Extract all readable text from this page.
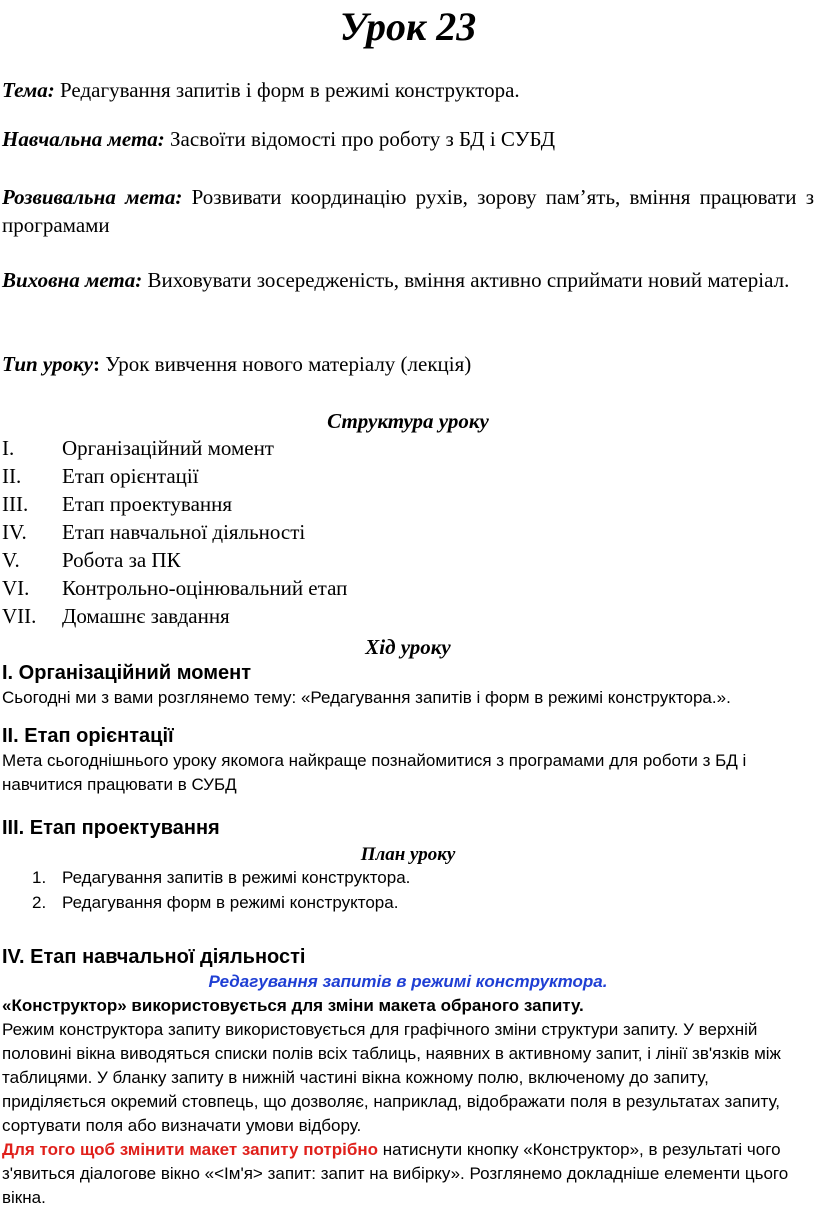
Урок 23
Тема: Редагування запитів і форм в режимі конструктора.
Навчальна мета: Засвоїти відомості про роботу з БД і СУБД
Розвивальна мета: Розвивати координацію рухів, зорову пам’ять, вміння працювати з програмами
Виховна мета: Виховувати зосередженість, вміння активно сприймати новий матеріал.
Тип уроку: Урок вивчення нового матеріалу (лекція)
Структура уроку
I. Організаційний момент
II. Етап орієнтації
III. Етап проектування
IV. Етап навчальної діяльності
V. Робота за ПК
VI. Контрольно-оцінювальний етап
VII. Домашнє завдання
Хід уроку
I. Організаційний момент
Сьогодні ми з вами розглянемо тему: «Редагування запитів і форм в режимі конструктора.».
II. Етап орієнтації
Мета сьогоднішнього уроку якомога найкраще познайомитися з програмами для роботи з БД і навчитися працювати в СУБД
III. Етап проектування
План уроку
1. Редагування запитів в режимі конструктора.
2. Редагування форм в режимі конструктора.
IV. Етап навчальної діяльності
Редагування запитів в режимі конструктора.
«Конструктор» використовується для зміни макета обраного запиту.
Режим конструктора запиту використовується для графічного зміни структури запиту. У верхній половині вікна виводяться списки полів всіх таблиць, наявних в активному запит, і лінії зв'язків між таблицями. У бланку запиту в нижній частині вікна кожному полю, включеному до запиту, приділяється окремий стовпець, що дозволяє, наприклад, відображати поля в результатах запиту, сортувати поля або визначати умови відбору.
Для того щоб змінити макет запиту потрібно натиснути кнопку «Конструктор», в результаті чого з'явиться діалогове вікно «<Ім'я> запит: запит на вибірку». Розглянемо докладніше елементи цього вікна.
